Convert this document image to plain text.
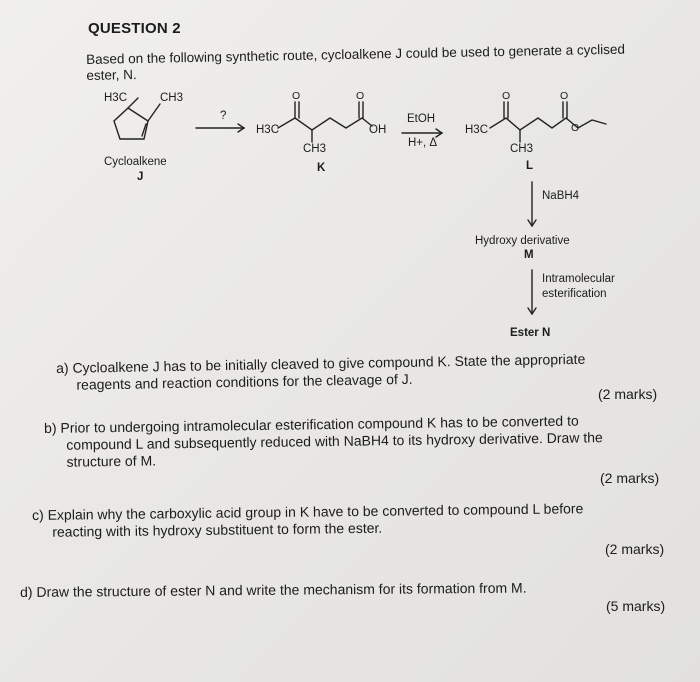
QUESTION 2
Based on the following synthetic route, cycloalkene J could be used to generate a cyclised
ester, N.
H3C	CH3
Cycloalkene
J
?
H3C
O	O
OH
CH3
K
EtOH
H+, Δ
H3C
O	O
O
CH3
L
NaBH4
Hydroxy derivative
M
Intramolecular
esterification
Ester N
a) Cycloalkene J has to be initially cleaved to give compound K. State the appropriate
reagents and reaction conditions for the cleavage of J.
(2 marks)
b) Prior to undergoing intramolecular esterification compound K has to be converted to
compound L and subsequently reduced with NaBH4 to its hydroxy derivative. Draw the
structure of M.
(2 marks)
c) Explain why the carboxylic acid group in K have to be converted to compound L before
reacting with its hydroxy substituent to form the ester.
(2 marks)
d) Draw the structure of ester N and write the mechanism for its formation from M.
(5 marks)
